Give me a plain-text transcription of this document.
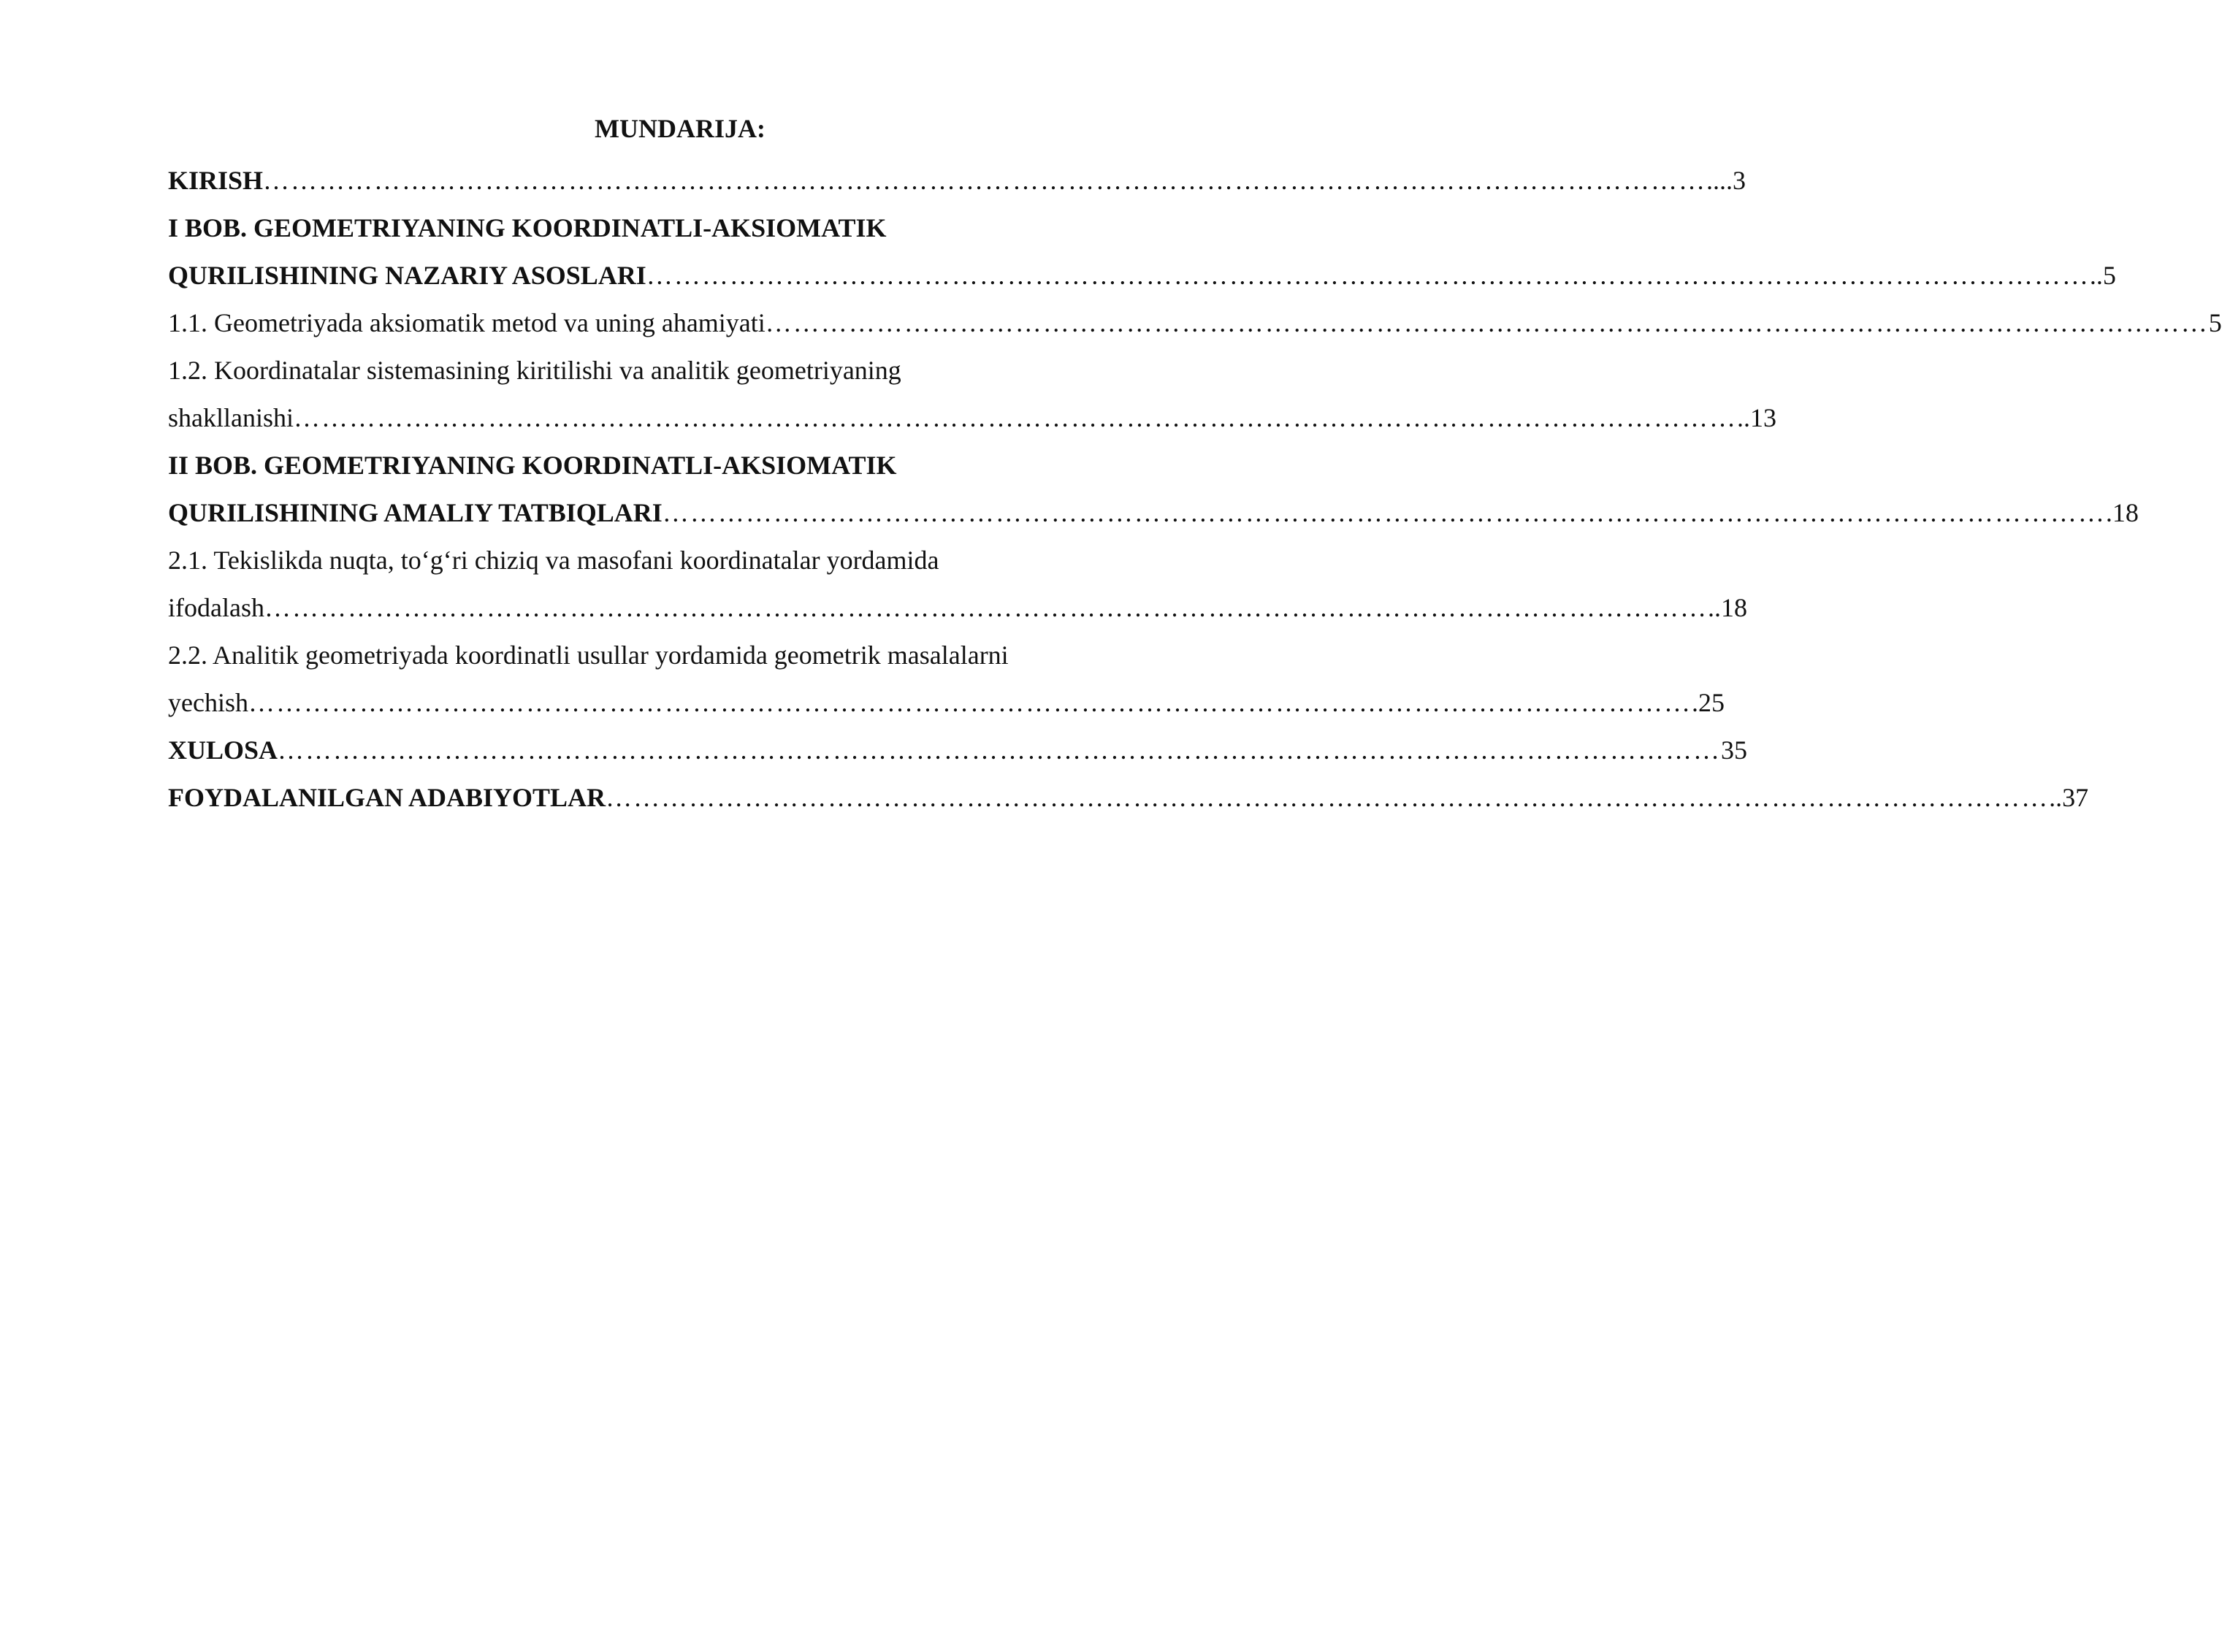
MUNDARIJA:
KIRISH ………………………………………………………………………………………………………………………………………… ....3
I BOB. GEOMETRIYANING KOORDINATLI-AKSIOMATIK
QURILISHINING NAZARIY ASOSLARI ………………………………………………………………………………………………………………………………………… ..5
1.1. Geometriyada aksiomatik metod va uning ahamiyati ………………………………………………………………………………………………………………………………………… 5
1.2. Koordinatalar sistemasining kiritilishi va analitik geometriyaning
shakllanishi ………………………………………………………………………………………………………………………………………… ..13
II BOB. GEOMETRIYANING KOORDINATLI-AKSIOMATIK
QURILISHINING AMALIY TATBIQLARI ………………………………………………………………………………………………………………………………………… .18
2.1. Tekislikda nuqta, to‘g‘ri chiziq va masofani koordinatalar yordamida
ifodalash ………………………………………………………………………………………………………………………………………… ..18
2.2. Analitik geometriyada koordinatli usullar yordamida geometrik masalalarni
yechish ………………………………………………………………………………………………………………………………………… .25
XULOSA ………………………………………………………………………………………………………………………………………… 35
FOYDALANILGAN ADABIYOTLAR ………………………………………………………………………………………………………………………………………… ..37
